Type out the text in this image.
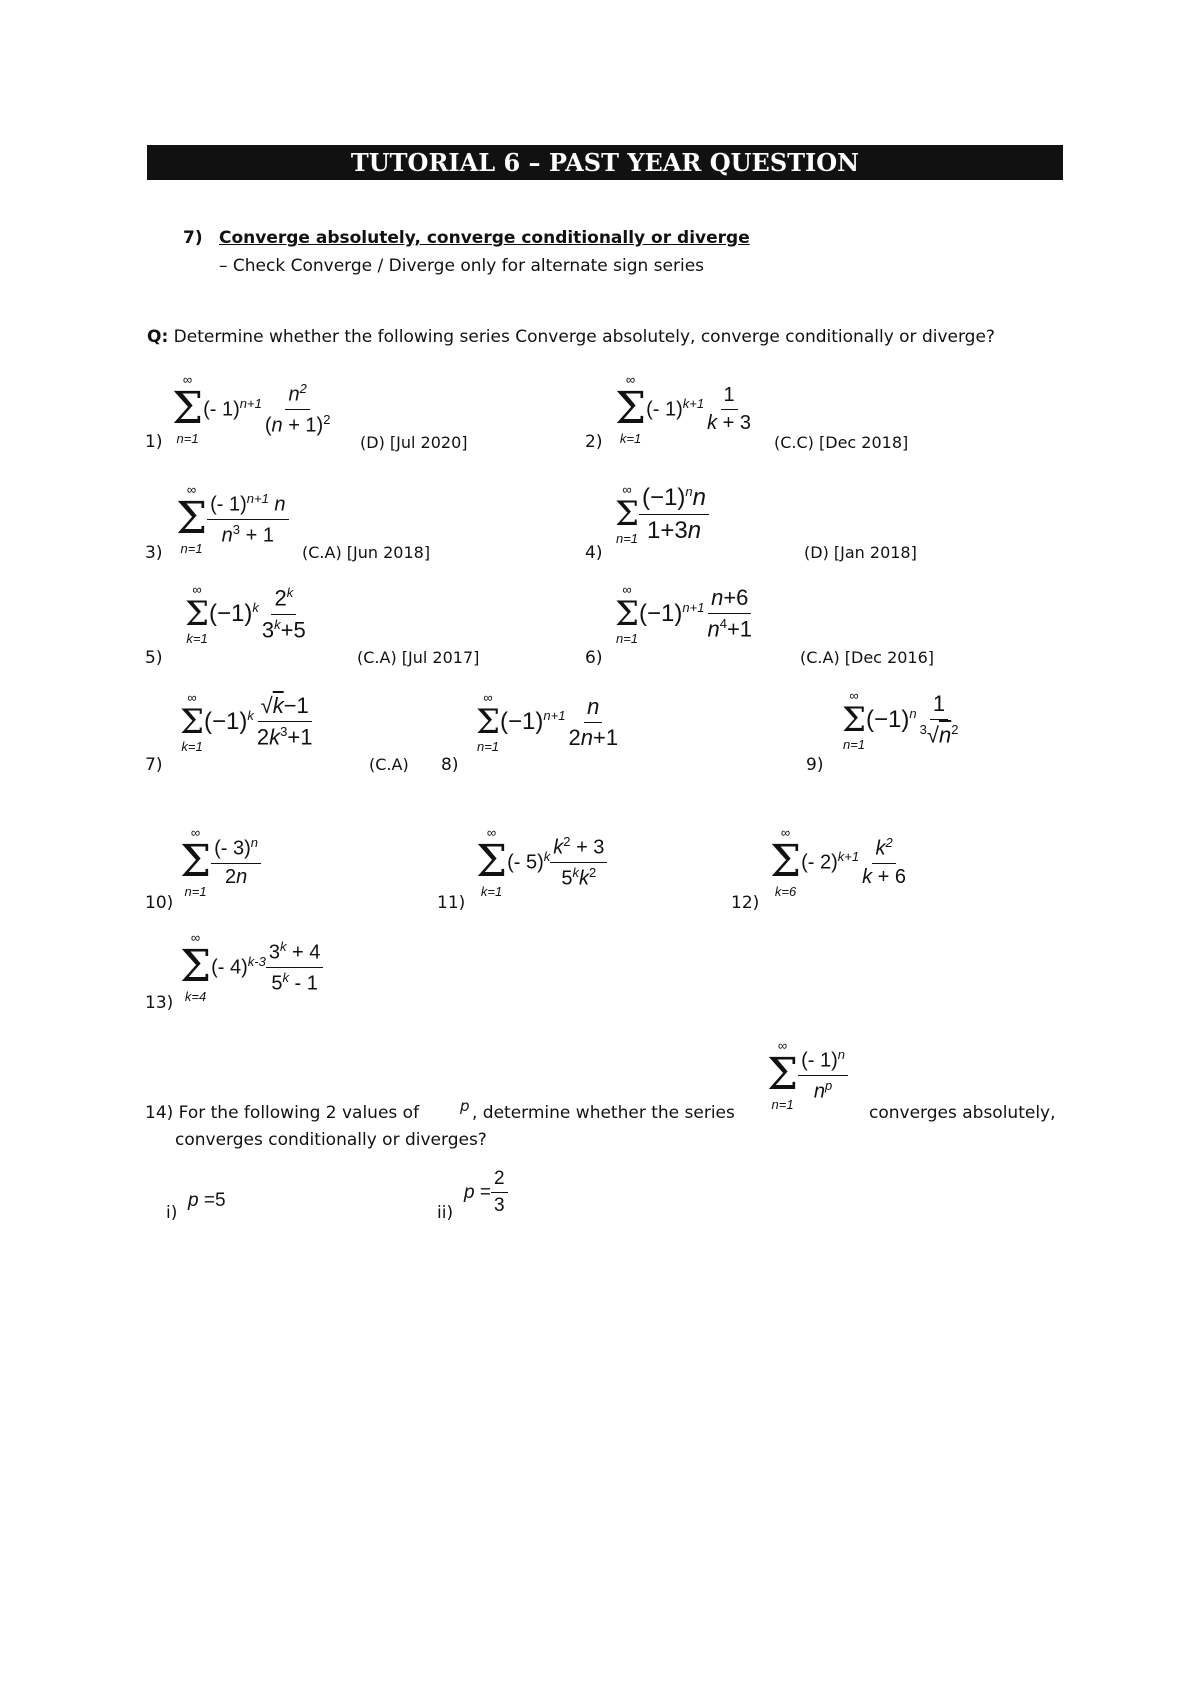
TUTORIAL 6 – PAST YEAR QUESTION
7) Converge absolutely, converge conditionally or diverge
– Check Converge / Diverge only for alternate sign series
Q: Determine whether the following series Converge absolutely, converge conditionally or diverge?
1)
∞
Σ
n=1
(- $1)^{n+1} \frac{n^2}{(n + 1)^2}$
(D) [Jul 2020]	2)
∞
Σ
k=1
(- $1)^{k+1} \frac{1}{k + 3}$
(C.C) [Dec 2018]
3)
∞
Σ
n=1
$\frac{(- 1)^{n+1} n}{n^3 + 1}$
(C.A) [Jun 2018]	4)
∞
Σ
$n=1 \frac{(-1)^nn}{1+3n}$
(D) [Jan 2018]
5)
∞
Σ
k=1
$(-1)^k \frac{2^k}{3^k+5}$
(C.A) [Jul 2017]	6)
∞
Σ
n=1
$(-1)^{n+1} \frac{n+6}{n^4+1}$
(C.A) [Dec 2016]
7)
∞
Σ
k=1
$(-1)^k \frac{√k-1}{2k^3+1}$
(C.A) 8)
∞
Σ
n=1
$(-1)^{n+1} \frac{n}{2n+1}$
9)
∞
Σ
n=1
$(-1)^n \frac{1}{^3√n^2}$
10)
∞
Σ
n=1
$\frac{(- 3)^n}{2n}$
11)
∞
Σ
k=1
(- $5)^k \frac{k^2 + 3}{5^kk^2}$
12)
∞
Σ
k=6
(- $2)^{k+1} \frac{k^2}{k + 6}$
13)
∞
Σ
k=4
(- $4)^{k-3} \frac{3^k + 4}{5^k - 1}$
∞
Σ
n=1
$\frac{(- 1)^n}{n^p}$
14) For the following 2 values of	p , determine whether the series	converges absolutely,
converges conditionally or diverges?
i)
p =5
ii)
$p = \frac{2}{3}$
